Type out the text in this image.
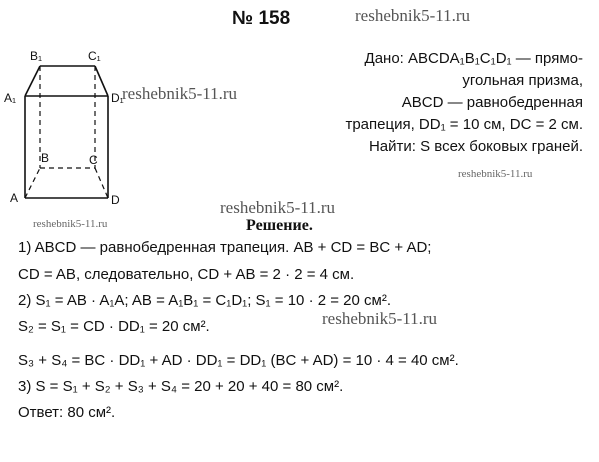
№ 158	reshebnik5-11.ru
B₁	C₁
A₁	D₁
B	C
A	D
reshebnik5-11.ru
Дано: ABCDA₁B₁C₁D₁ — прямо-
угольная призма,
ABCD — равнобедренная
трапеция, DD₁ = 10 см, DC = 2 см.
Найти: S всех боковых граней.
reshebnik5-11.ru
reshebnik5-11.ru
reshebnik5-11.ru	Решение.
1) ABCD — равнобедренная трапеция. AB + CD = BC + AD;
CD = AB, следовательно, CD + AB = 2 · 2 = 4 см.
2) S₁ = AB · A₁A; AB = A₁B₁ = C₁D₁; S₁ = 10 · 2 = 20 см².
S₂ = S₁ = CD · DD₁ = 20 см².	reshebnik5-11.ru
S₃ + S₄ = BC · DD₁ + AD · DD₁ = DD₁ (BC + AD) = 10 · 4 = 40 см².
3) S = S₁ + S₂ + S₃ + S₄ = 20 + 20 + 40 = 80 см².
Ответ: 80 см².
